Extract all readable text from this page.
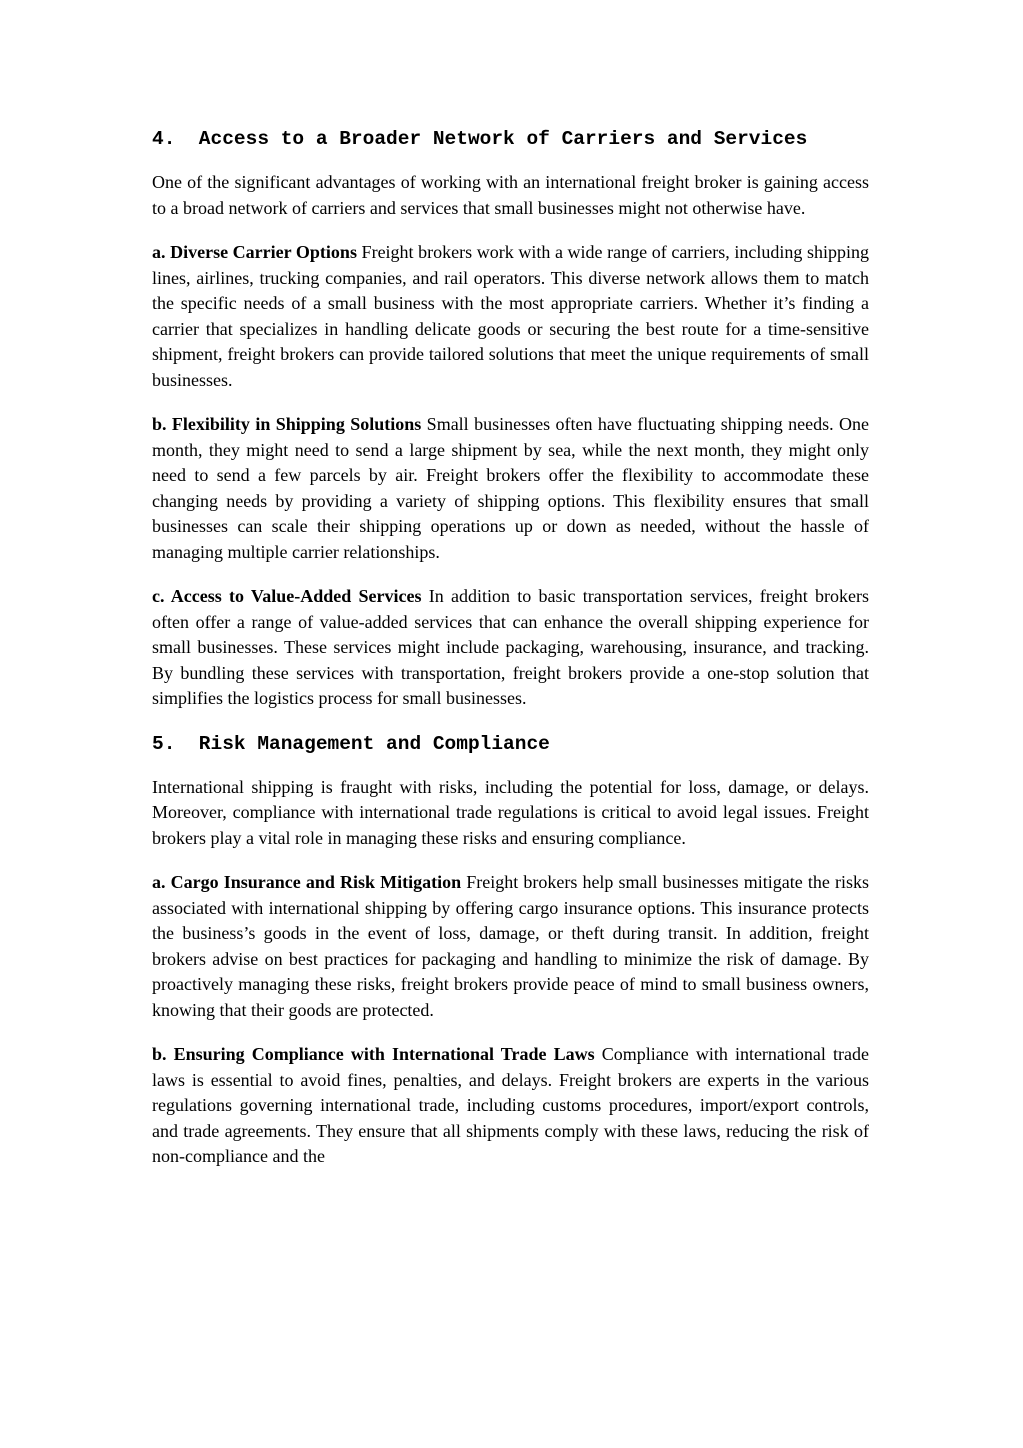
4.  Access to a Broader Network of Carriers and Services

One of the significant advantages of working with an international freight broker is gaining access to a broad network of carriers and services that small businesses might not otherwise have.

a. Diverse Carrier Options Freight brokers work with a wide range of carriers, including shipping lines, airlines, trucking companies, and rail operators. This diverse network allows them to match the specific needs of a small business with the most appropriate carriers. Whether it’s finding a carrier that specializes in handling delicate goods or securing the best route for a time-sensitive shipment, freight brokers can provide tailored solutions that meet the unique requirements of small businesses.

b. Flexibility in Shipping Solutions Small businesses often have fluctuating shipping needs. One month, they might need to send a large shipment by sea, while the next month, they might only need to send a few parcels by air. Freight brokers offer the flexibility to accommodate these changing needs by providing a variety of shipping options. This flexibility ensures that small businesses can scale their shipping operations up or down as needed, without the hassle of managing multiple carrier relationships.

c. Access to Value-Added Services In addition to basic transportation services, freight brokers often offer a range of value-added services that can enhance the overall shipping experience for small businesses. These services might include packaging, warehousing, insurance, and tracking. By bundling these services with transportation, freight brokers provide a one-stop solution that simplifies the logistics process for small businesses.

5.  Risk Management and Compliance

International shipping is fraught with risks, including the potential for loss, damage, or delays. Moreover, compliance with international trade regulations is critical to avoid legal issues. Freight brokers play a vital role in managing these risks and ensuring compliance.

a. Cargo Insurance and Risk Mitigation Freight brokers help small businesses mitigate the risks associated with international shipping by offering cargo insurance options. This insurance protects the business’s goods in the event of loss, damage, or theft during transit. In addition, freight brokers advise on best practices for packaging and handling to minimize the risk of damage. By proactively managing these risks, freight brokers provide peace of mind to small business owners, knowing that their goods are protected.

b. Ensuring Compliance with International Trade Laws Compliance with international trade laws is essential to avoid fines, penalties, and delays. Freight brokers are experts in the various regulations governing international trade, including customs procedures, import/export controls, and trade agreements. They ensure that all shipments comply with these laws, reducing the risk of non-compliance and the
